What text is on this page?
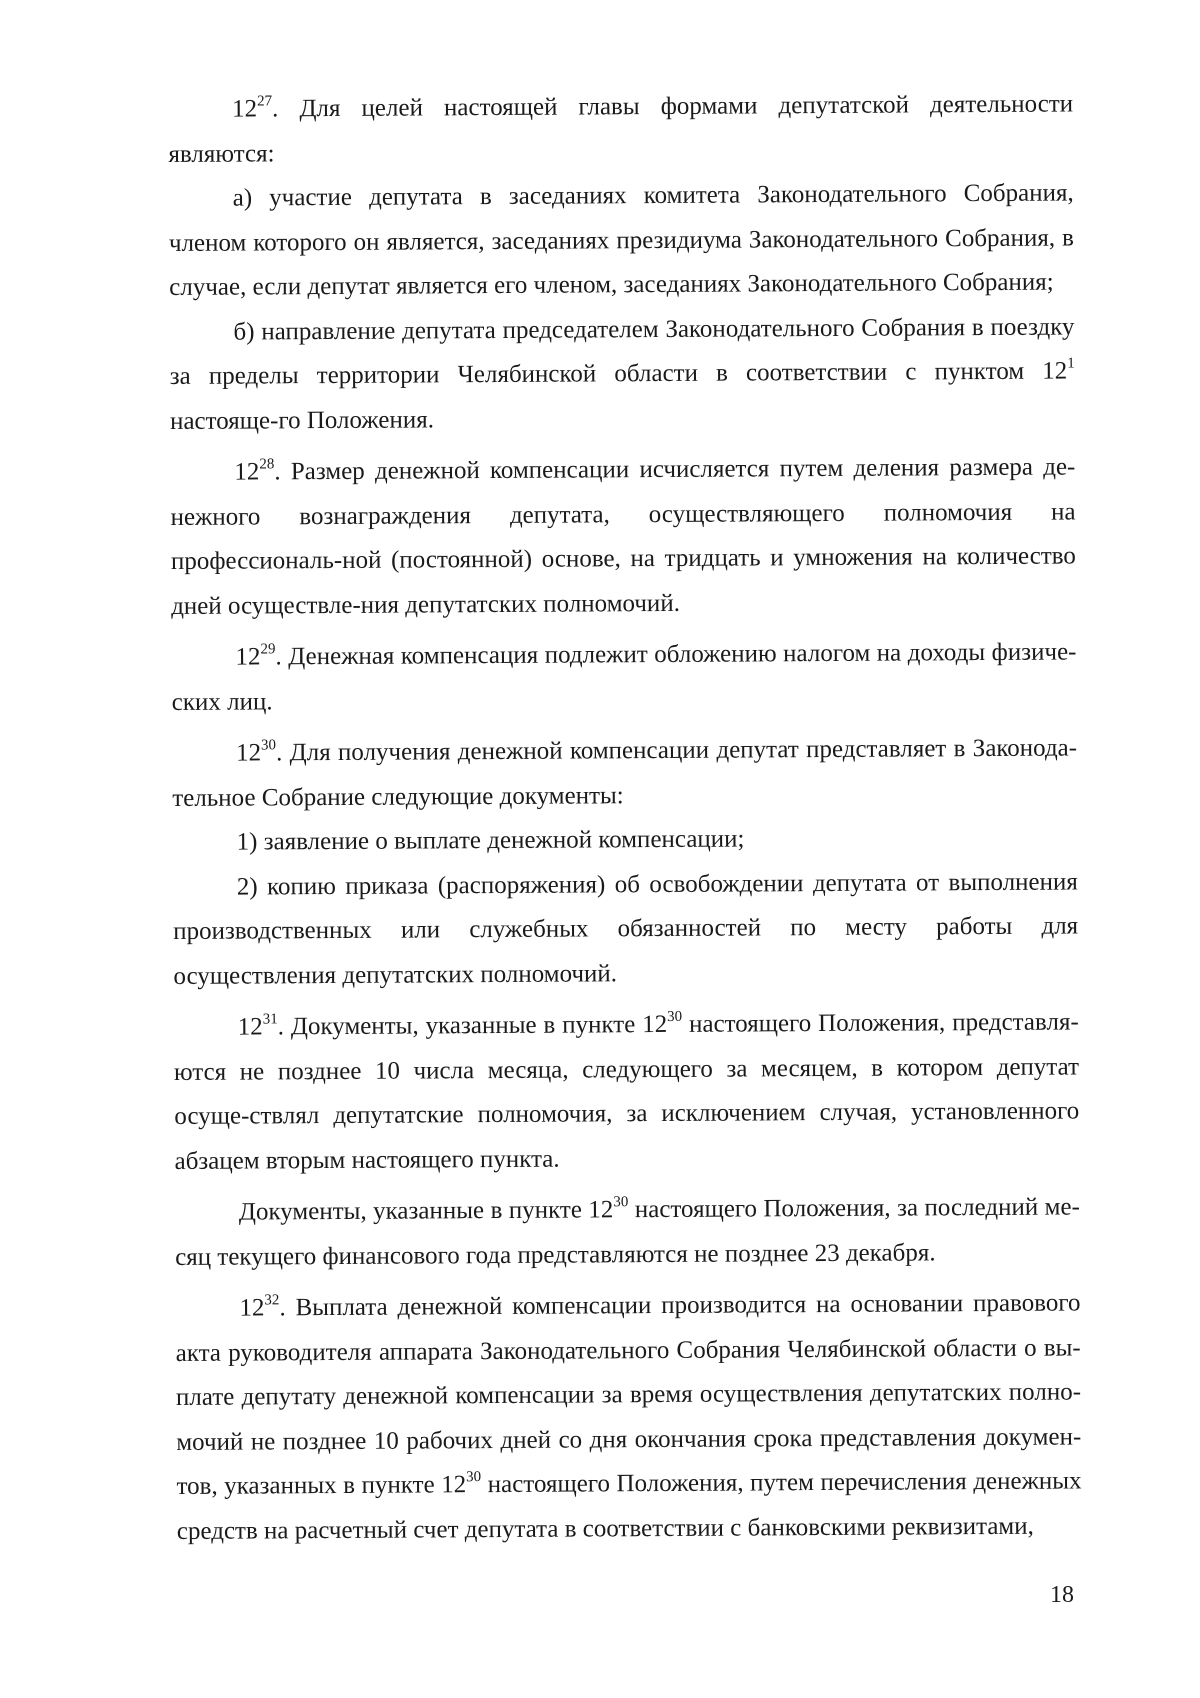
$12^{27}$. Для целей настоящей главы формами депутатской деятельности являются:

а) участие депутата в заседаниях комитета Законодательного Собрания, членом которого он является, заседаниях президиума Законодательного Собрания, в случае, если депутат является его членом, заседаниях Законодательного Собрания;

б) направление депутата председателем Законодательного Собрания в поездку за пределы территории Челябинской области в соответствии с пунктом $12^1$ настояще-го Положения.

$12^{28}$. Размер денежной компенсации исчисляется путем деления размера де-нежного вознаграждения депутата, осуществляющего полномочия на профессиональ-ной (постоянной) основе, на тридцать и умножения на количество дней осуществле-ния депутатских полномочий.

$12^{29}$. Денежная компенсация подлежит обложению налогом на доходы физиче-ских лиц.

$12^{30}$. Для получения денежной компенсации депутат представляет в Законода-тельное Собрание следующие документы:

1) заявление о выплате денежной компенсации;

2) копию приказа (распоряжения) об освобождении депутата от выполнения производственных или служебных обязанностей по месту работы для осуществления депутатских полномочий.

$12^{31}$. Документы, указанные в пункте $12^{30}$ настоящего Положения, представля-ются не позднее 10 числа месяца, следующего за месяцем, в котором депутат осуще-ствлял депутатские полномочия, за исключением случая, установленного абзацем вторым настоящего пункта.

Документы, указанные в пункте $12^{30}$ настоящего Положения, за последний ме-сяц текущего финансового года представляются не позднее 23 декабря.

$12^{32}$. Выплата денежной компенсации производится на основании правового акта руководителя аппарата Законодательного Собрания Челябинской области о вы-плате депутату денежной компенсации за время осуществления депутатских полно-мочий не позднее 10 рабочих дней со дня окончания срока представления докумен-тов, указанных в пункте $12^{30}$ настоящего Положения, путем перечисления денежных средств на расчетный счет депутата в соответствии с банковскими реквизитами,

18
